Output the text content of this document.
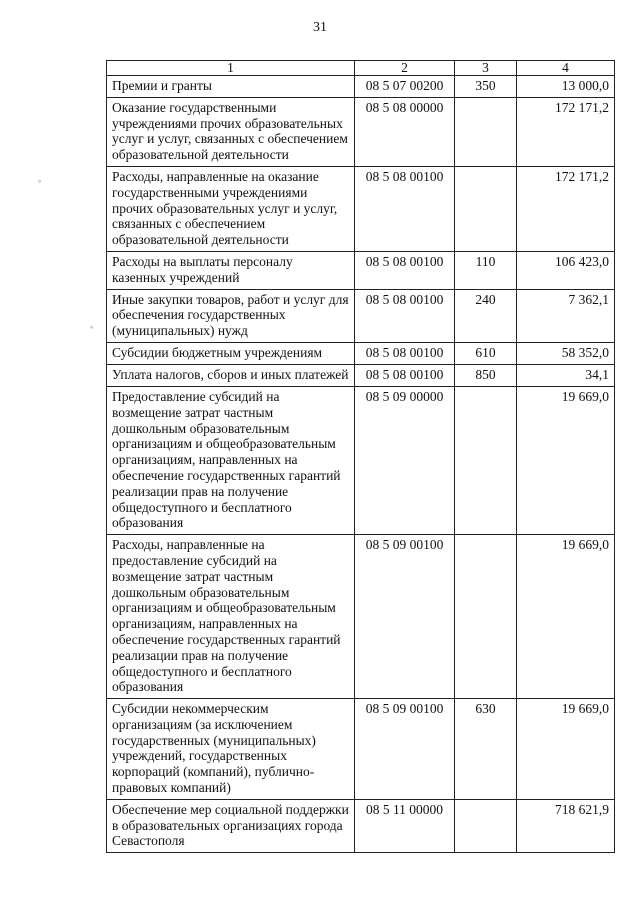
31
◦
◦
1	2	3	4
Премии и гранты	08 5 07 00200	350	13 000,0
Оказание государственными учреждениями прочих образовательных услуг и услуг, связанных с обеспечением образовательной деятельности	08 5 08 00000		172 171,2
Расходы, направленные на оказание государственными учреждениями прочих образовательных услуг и услуг, связанных с обеспечением образовательной деятельности	08 5 08 00100		172 171,2
Расходы на выплаты персоналу казенных учреждений	08 5 08 00100	110	106 423,0
Иные закупки товаров, работ и услуг для обеспечения государственных (муниципальных) нужд	08 5 08 00100	240	7 362,1
Субсидии бюджетным учреждениям	08 5 08 00100	610	58 352,0
Уплата налогов, сборов и иных платежей	08 5 08 00100	850	34,1
Предоставление субсидий на возмещение затрат частным дошкольным образовательным организациям и общеобразовательным организациям, направленных на обеспечение государственных гарантий реализации прав на получение общедоступного и бесплатного образования	08 5 09 00000		19 669,0
Расходы, направленные на предоставление субсидий на возмещение затрат частным дошкольным образовательным организациям и общеобразовательным организациям, направленных на обеспечение государственных гарантий реализации прав на получение общедоступного и бесплатного образования	08 5 09 00100		19 669,0
Субсидии некоммерческим организациям (за исключением государственных (муниципальных) учреждений, государственных корпораций (компаний), публично-правовых компаний)	08 5 09 00100	630	19 669,0
Обеспечение мер социальной поддержки в образовательных организациях города Севастополя	08 5 11 00000		718 621,9
